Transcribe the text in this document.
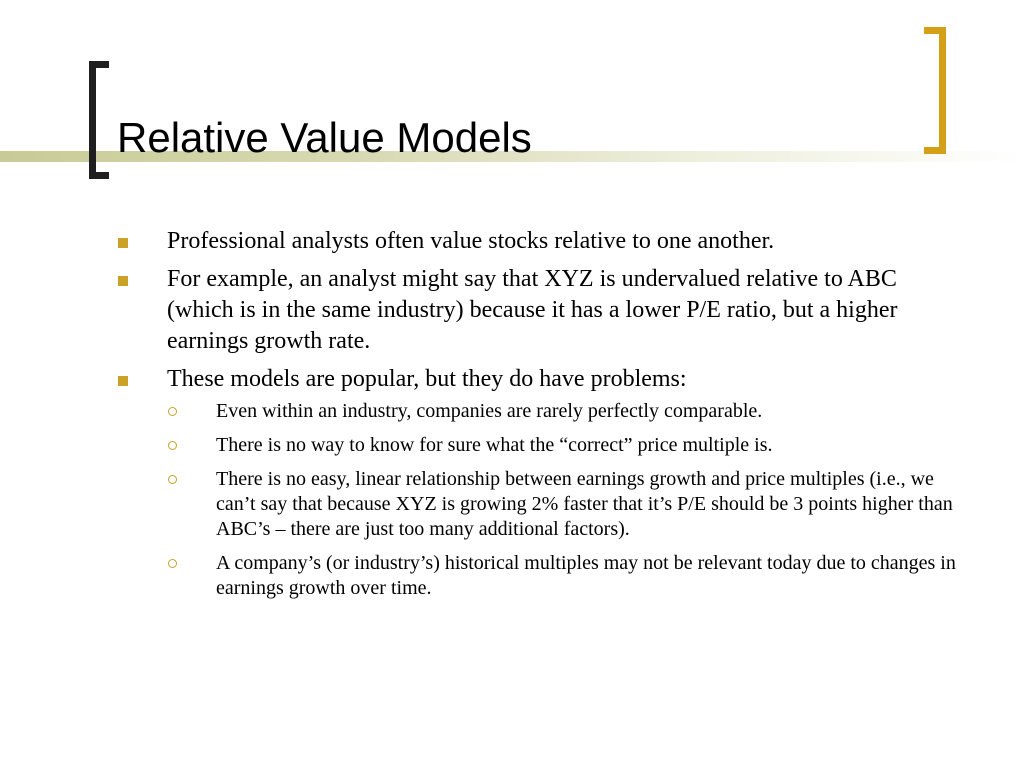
Relative Value Models
Professional analysts often value stocks relative to one another.
For example, an analyst might say that XYZ is undervalued relative to ABC (which is in the same industry) because it has a lower P/E ratio, but a higher earnings growth rate.
These models are popular, but they do have problems:
Even within an industry, companies are rarely perfectly comparable.
There is no way to know for sure what the “correct” price multiple is.
There is no easy, linear relationship between earnings growth and price multiples (i.e., we can’t say that because XYZ is growing 2% faster that it’s P/E should be 3 points higher than ABC’s – there are just too many additional factors).
A company’s (or industry’s) historical multiples may not be relevant today due to changes in earnings growth over time.
